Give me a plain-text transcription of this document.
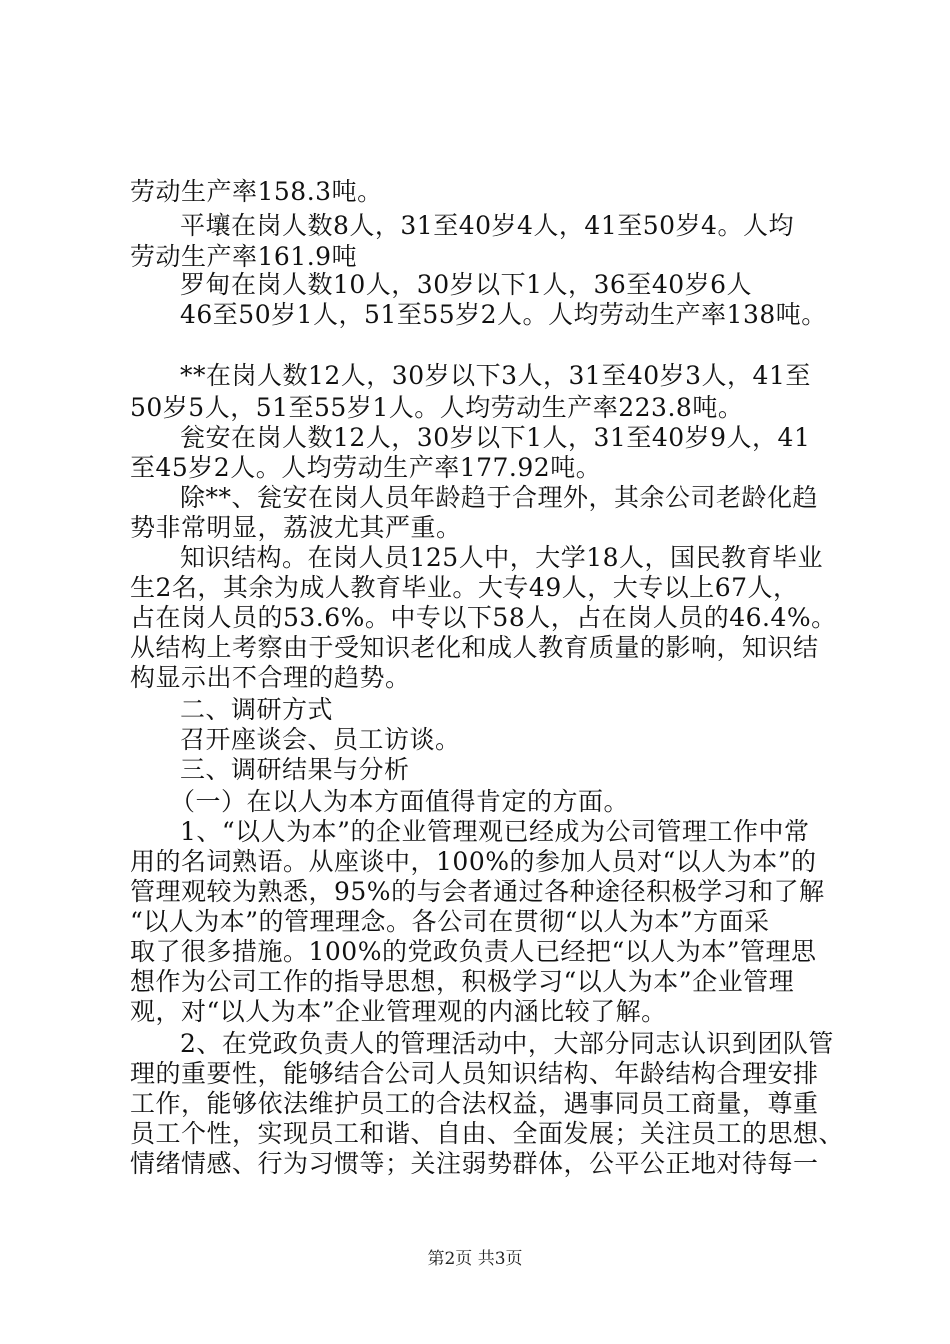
劳动生产率158.3吨。
平壤在岗人数8人，31至40岁4人，41至50岁4。人均
劳动生产率161.9吨
罗甸在岗人数10人，30岁以下1人，36至40岁6人
46至50岁1人，51至55岁2人。人均劳动生产率138吨。
**在岗人数12人，30岁以下3人，31至40岁3人，41至
50岁5人，51至55岁1人。人均劳动生产率223.8吨。
瓮安在岗人数12人，30岁以下1人，31至40岁9人，41
至45岁2人。人均劳动生产率177.92吨。
除**、瓮安在岗人员年龄趋于合理外，其余公司老龄化趋
势非常明显，荔波尤其严重。
知识结构。在岗人员125人中，大学18人，国民教育毕业
生2名，其余为成人教育毕业。大专49人，大专以上67人，
占在岗人员的53.6%。中专以下58人，占在岗人员的46.4%。
从结构上考察由于受知识老化和成人教育质量的影响，知识结
构显示出不合理的趋势。
二、调研方式
召开座谈会、员工访谈。
三、调研结果与分析
（一）在以人为本方面值得肯定的方面。
1、“以人为本”的企业管理观已经成为公司管理工作中常
用的名词熟语。从座谈中，100%的参加人员对“以人为本”的
管理观较为熟悉，95%的与会者通过各种途径积极学习和了解
“以人为本”的管理理念。各公司在贯彻“以人为本”方面采
取了很多措施。100%的党政负责人已经把“以人为本”管理思
想作为公司工作的指导思想，积极学习“以人为本”企业管理
观，对“以人为本”企业管理观的内涵比较了解。
2、在党政负责人的管理活动中，大部分同志认识到团队管
理的重要性，能够结合公司人员知识结构、年龄结构合理安排
工作，能够依法维护员工的合法权益，遇事同员工商量，尊重
员工个性，实现员工和谐、自由、全面发展；关注员工的思想、
情绪情感、行为习惯等；关注弱势群体，公平公正地对待每一
第2页 共3页
